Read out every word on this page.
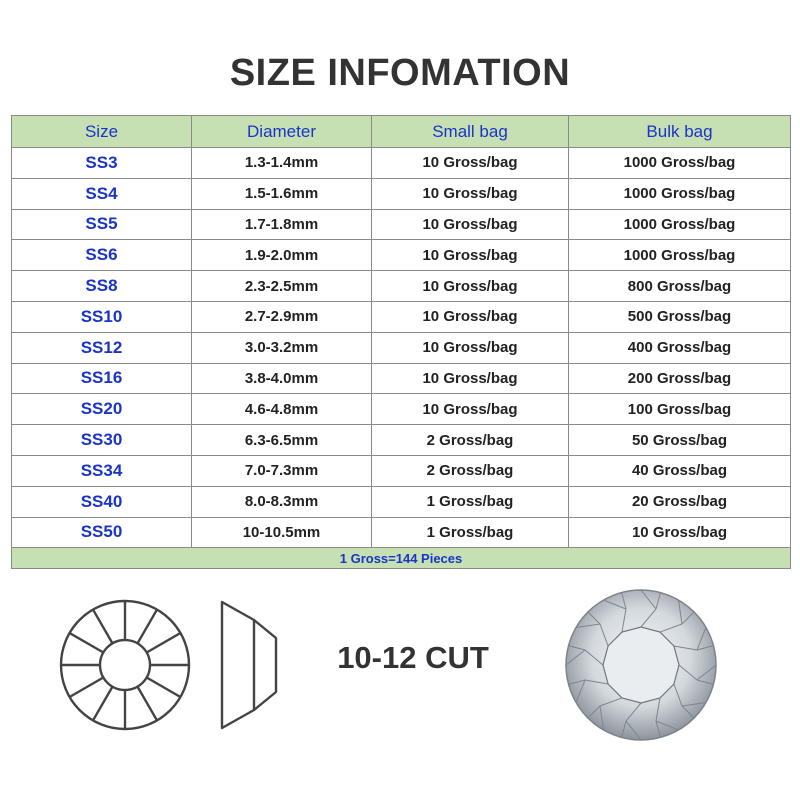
SIZE INFOMATION
Size	Diameter	Small bag	Bulk bag
SS3	1.3-1.4mm	10 Gross/bag	1000 Gross/bag
SS4	1.5-1.6mm	10 Gross/bag	1000 Gross/bag
SS5	1.7-1.8mm	10 Gross/bag	1000 Gross/bag
SS6	1.9-2.0mm	10 Gross/bag	1000 Gross/bag
SS8	2.3-2.5mm	10 Gross/bag	800 Gross/bag
SS10	2.7-2.9mm	10 Gross/bag	500 Gross/bag
SS12	3.0-3.2mm	10 Gross/bag	400 Gross/bag
SS16	3.8-4.0mm	10 Gross/bag	200 Gross/bag
SS20	4.6-4.8mm	10 Gross/bag	100 Gross/bag
SS30	6.3-6.5mm	2 Gross/bag	50 Gross/bag
SS34	7.0-7.3mm	2 Gross/bag	40 Gross/bag
SS40	8.0-8.3mm	1 Gross/bag	20 Gross/bag
SS50	10-10.5mm	1 Gross/bag	10 Gross/bag
1 Gross=144 Pieces			
10-12 CUT
